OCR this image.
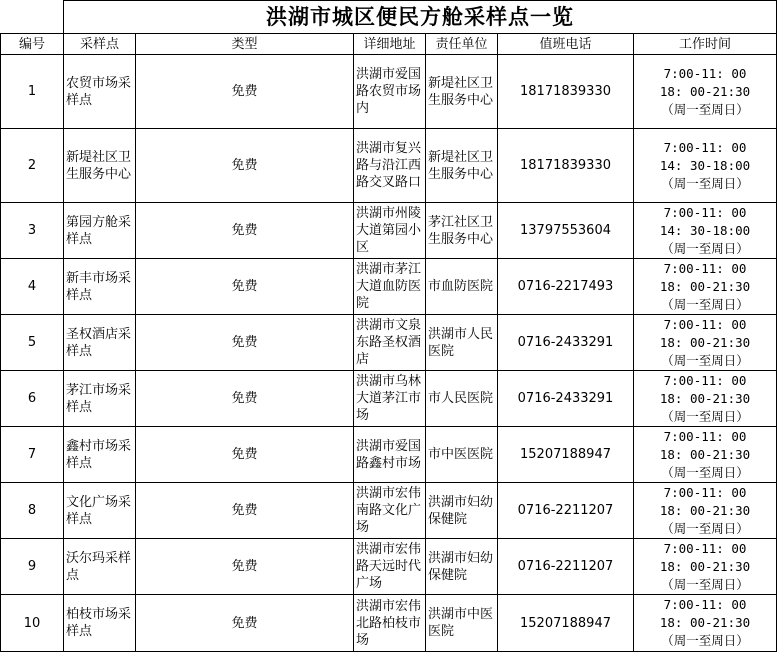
	洪湖市城区便民方舱采样点一览					
编号	采样点	类型	详细地址	责任单位	值班电话	工作时间
1	农贸市场采样点	免费	洪湖市爱国路农贸市场内	新堤社区卫生服务中心	18171839330	7:00-11: 00
18: 00-21:30
（周一至周日）

2	新堤社区卫生服务中心	免费	洪湖市复兴路与沿江西路交叉路口	新堤社区卫生服务中心	18171839330	7:00-11: 00
14: 30-18:00
（周一至周日）

3	第园方舱采样点	免费	洪湖市州陵大道第园小区	茅江社区卫生服务中心	13797553604	7:00-11: 00
14: 30-18:00
（周一至周日）

4	新丰市场采样点	免费	洪湖市茅江大道血防医院	市血防医院	0716-2217493	7:00-11: 00
18: 00-21:30
（周一至周日）

5	圣权酒店采样点	免费	洪湖市文泉东路圣权酒店	洪湖市人民医院	0716-2433291	7:00-11: 00
18: 00-21:30
（周一至周日）

6	茅江市场采样点	免费	洪湖市乌林大道茅江市场	市人民医院	0716-2433291	7:00-11: 00
18: 00-21:30
（周一至周日）

7	鑫村市场采样点	免费	洪湖市爱国路鑫村市场	市中医医院	15207188947	7:00-11: 00
18: 00-21:30
（周一至周日）

8	文化广场采样点	免费	洪湖市宏伟南路文化广场	洪湖市妇幼保健院	0716-2211207	7:00-11: 00
18: 00-21:30
（周一至周日）

9	沃尔玛采样点	免费	洪湖市宏伟路天远时代广场	洪湖市妇幼保健院	0716-2211207	7:00-11: 00
18: 00-21:30
（周一至周日）

10	柏枝市场采样点	免费	洪湖市宏伟北路柏枝市场	洪湖市中医医院	15207188947	7:00-11: 00
18: 00-21:30
（周一至周日）
